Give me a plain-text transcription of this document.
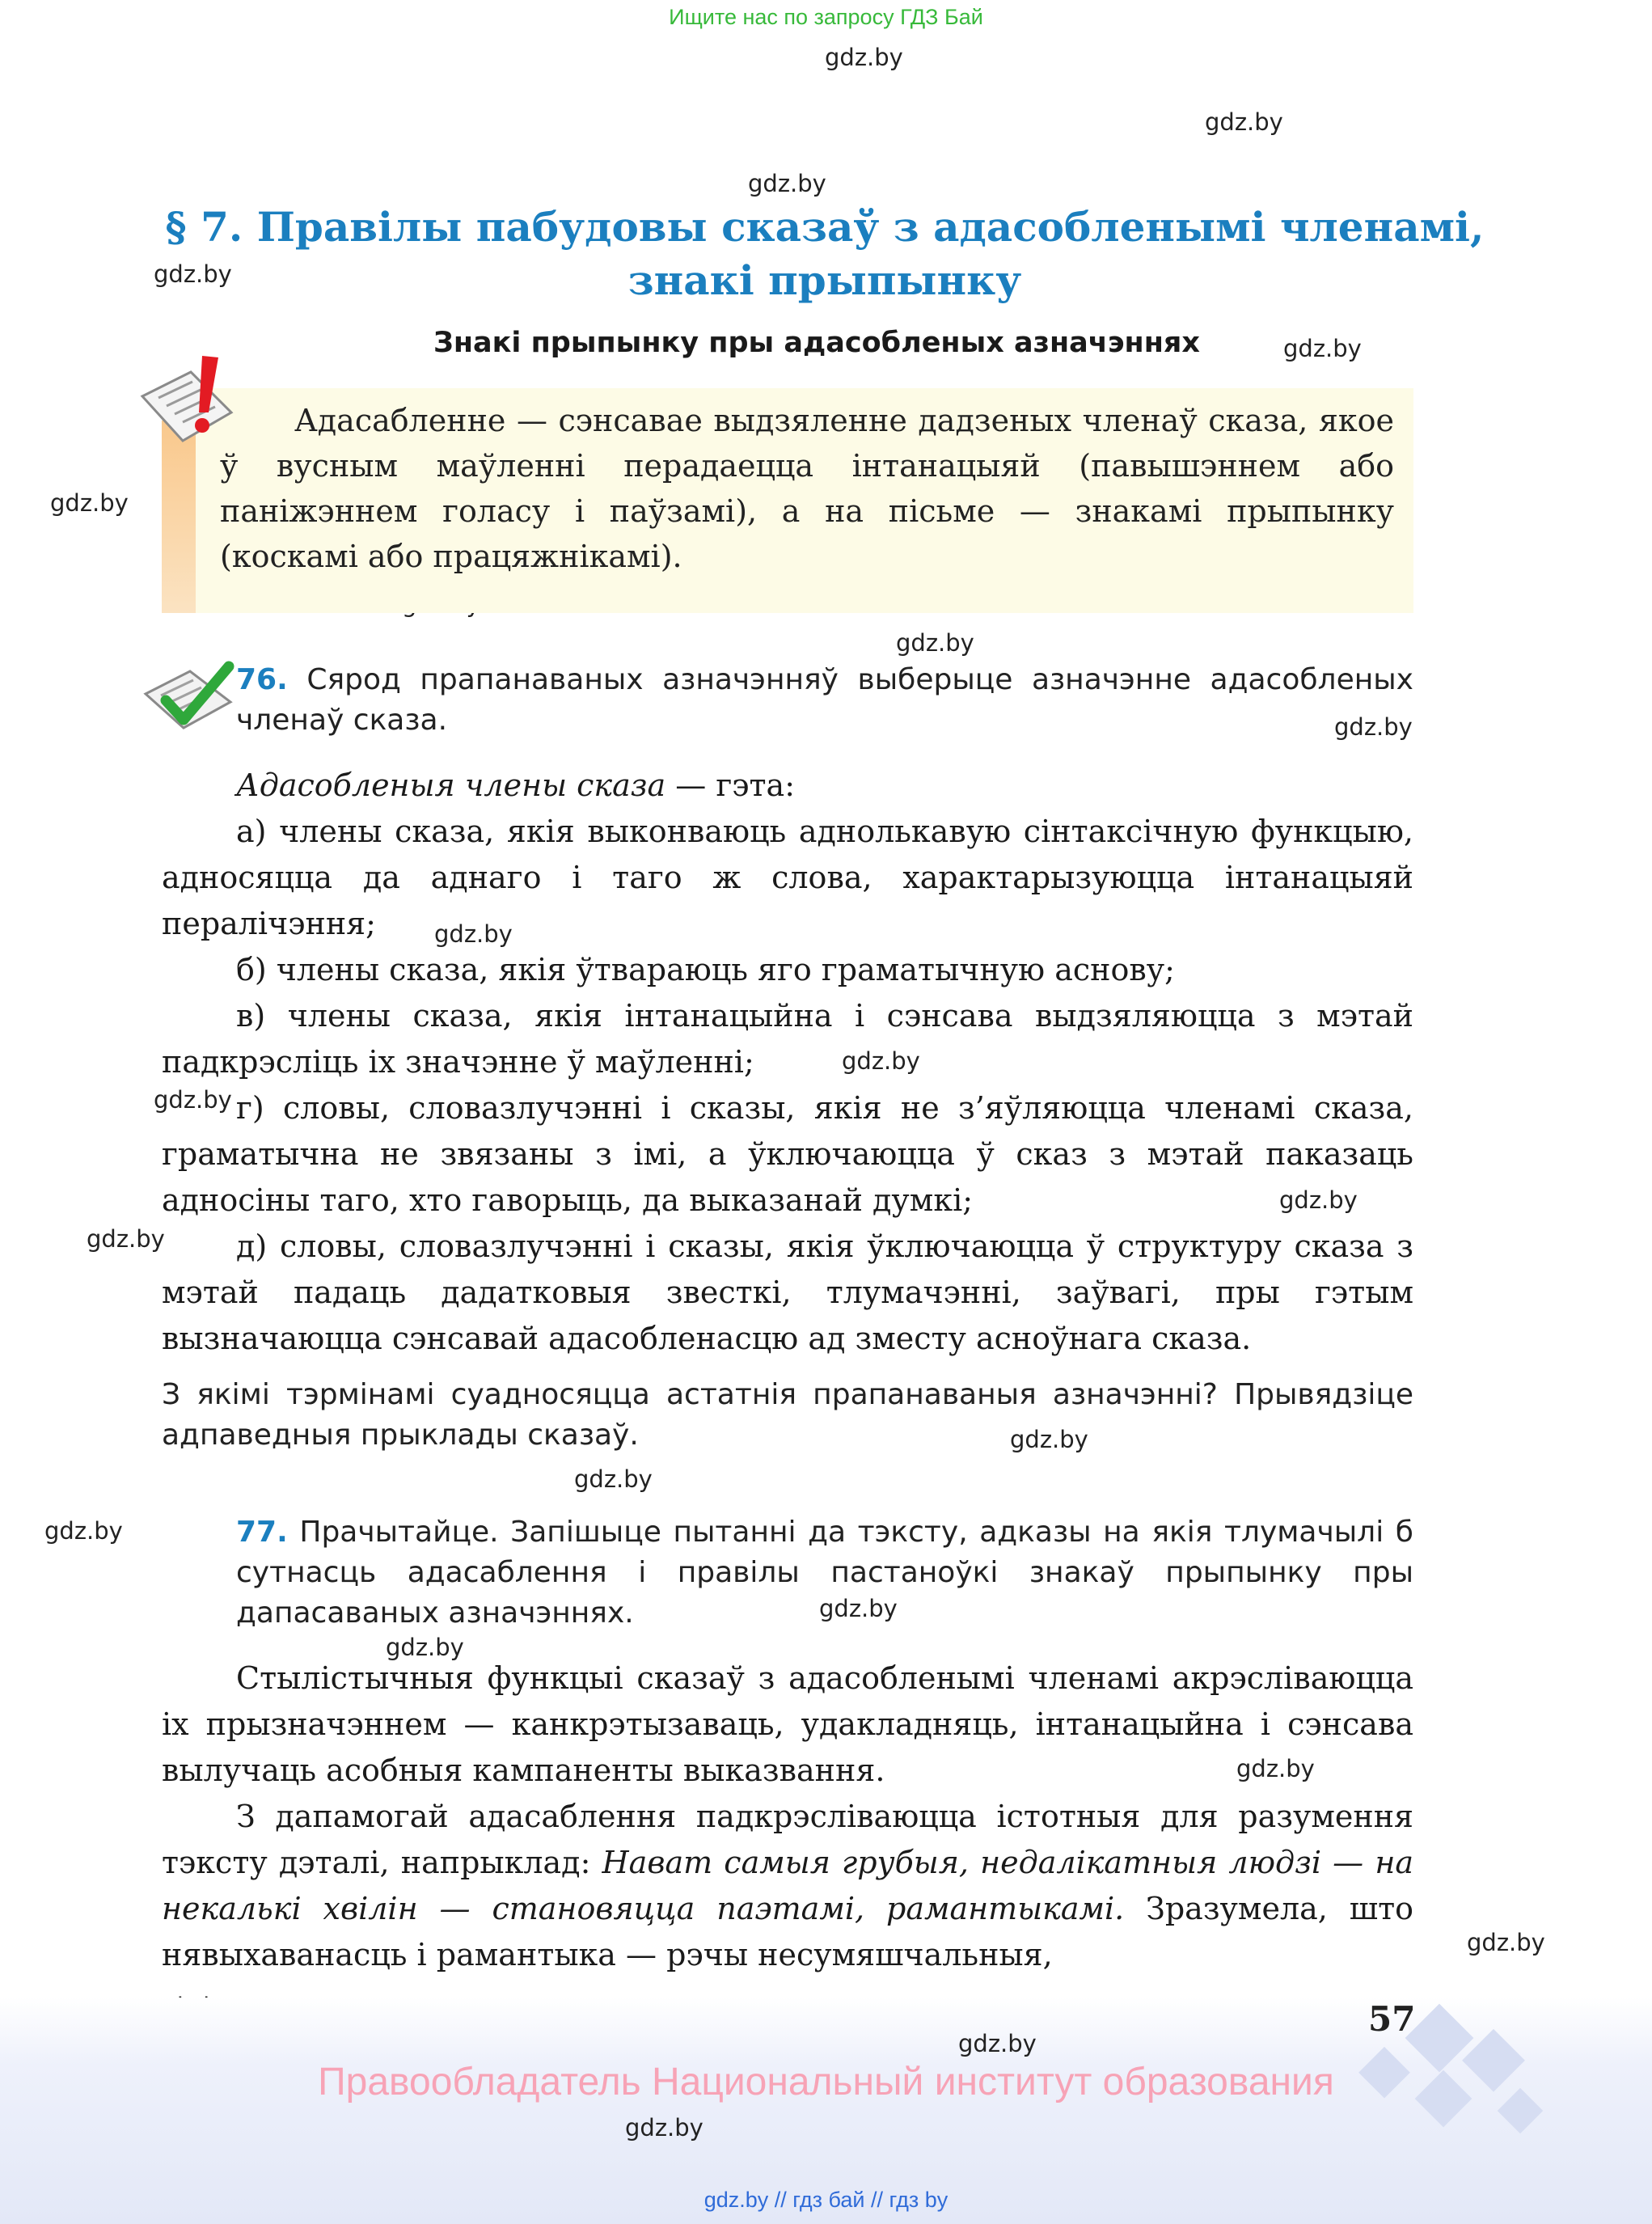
Ищите нас по запросу ГДЗ Бай
gdz.by
gdz.by
gdz.by
gdz.by
gdz.by
gdz.by
gdz.by
gdz.by
gdz.by
gdz.by
gdz.by
gdz.by
gdz.by
gdz.by
gdz.by
gdz.by
gdz.by
gdz.by
gdz.by
gdz.by
§ 7. Правілы пабудовы сказаў з адасобленымі членамі,
знакі прыпынку
Знакі прыпынку пры адасобленых азначэннях

Адасабленне — сэнсавае выдзяленне дадзеных членаў сказа, якое ў вусным маўленні перадаецца інтанацыяй (павышэннем або паніжэннем голасу і паўзамі), а на пісьме — знакамі прыпынку (коскамі або працяжнікамі).

76. Сярод прапанаваных азначэнняў выберыце азначэнне адасобленых членаў сказа.

Адасобленыя члены сказа — гэта:

а) члены сказа, якія выконваюць аднолькавую сінтаксічную функцыю, адносяцца да аднаго і таго ж слова, характарызуюцца інтанацыяй пералічэння;

б) члены сказа, якія ўтвараюць яго граматычную аснову;

в) члены сказа, якія інтанацыйна і сэнсава выдзяляюцца з мэтай падкрэсліць іх значэнне ў маўленні;

г) словы, словазлучэнні і сказы, якія не з’яўляюцца членамі сказа, граматычна не звязаны з імі, а ўключаюцца ў сказ з мэтай паказаць адносіны таго, хто гаворыць, да выказанай думкі;

д) словы, словазлучэнні і сказы, якія ўключаюцца ў структуру сказа з мэтай падаць дадатковыя звесткі, тлумачэнні, заўвагі, пры гэтым вызначаюцца сэнсавай адасобленасцю ад зместу асноўнага сказа.

З якімі тэрмінамі суадносяцца астатнія прапанаваныя азначэнні? Прывядзіце адпаведныя прыклады сказаў.
77. Прачытайце. Запішыце пытанні да тэксту, адказы на якія тлумачылі б сутнасць адасаблення і правілы пастаноўкі знакаў прыпынку пры дапасаваных азначэннях.

Стылістычныя функцыі сказаў з адасобленымі членамі акрэсліваюцца іх прызначэннем — канкрэтызаваць, удакладняць, інтанацыйна і сэнсава вылучаць асобныя кампаненты выказвання.

З дапамогай адасаблення падкрэсліваюцца істотныя для разумення тэксту дэталі, напрыклад: Нават самыя грубыя, недалікатныя людзі — на некалькі хвілін — становяцца паэтамі, рамантыкамі. Зразумела, што нявыхаванасць і рамантыка — рэчы несумяшчальныя,

57
gdz.by
Правообладатель Национальный институт образования
gdz.by
gdz.by // гдз бай // гдз by
